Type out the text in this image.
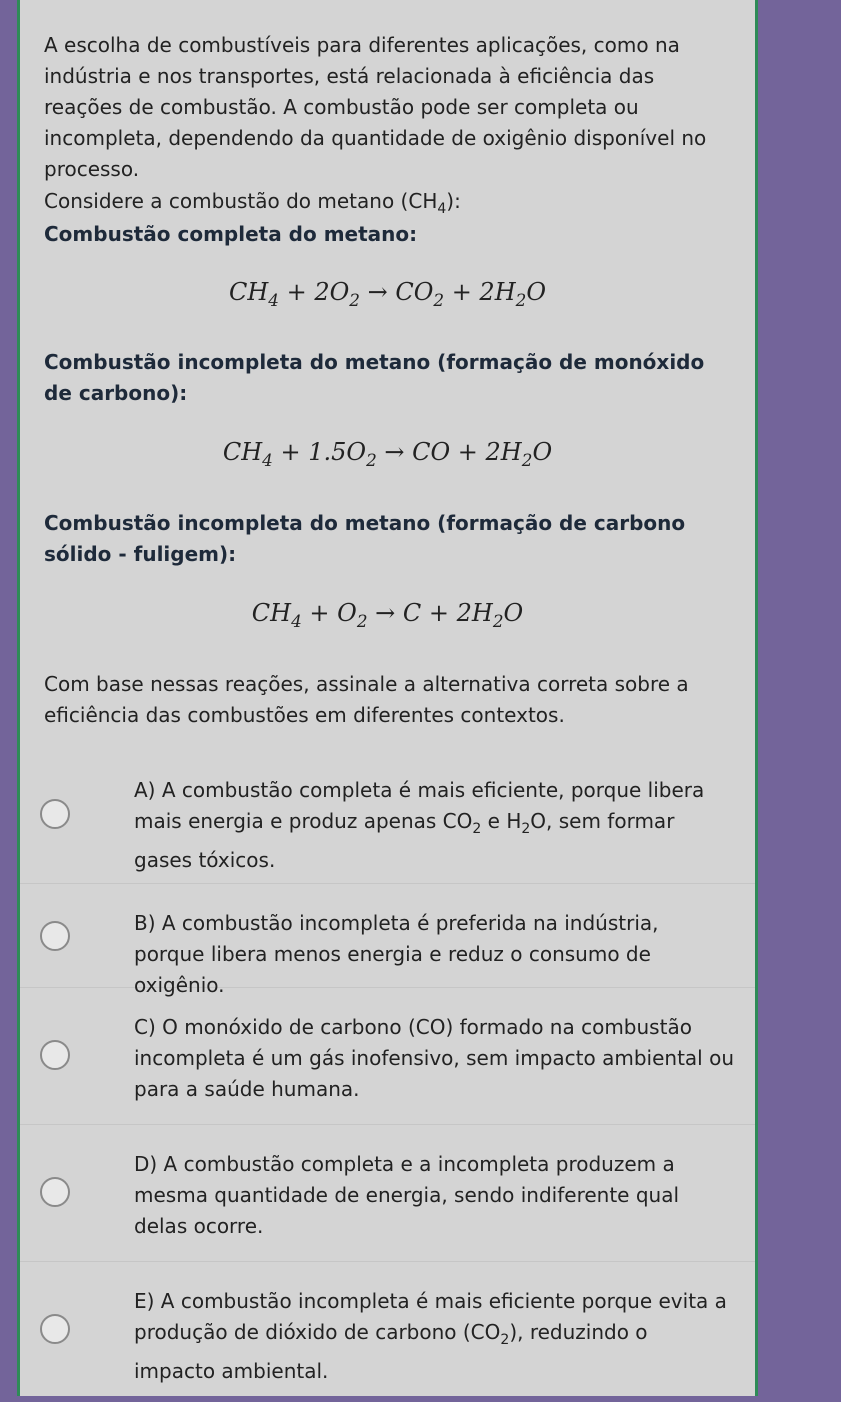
A escolha de combustíveis para diferentes aplicações, como na indústria e nos transportes, está relacionada à eficiência das reações de combustão. A combustão pode ser completa ou incompleta, dependendo da quantidade de oxigênio disponível no processo.
Considere a combustão do metano $(CH_4)$:
Combustão completa do metano:
$CH_4 + 2O_2 \to CO_2 + 2H_2O$
Combustão incompleta do metano (formação de monóxido de carbono):
$CH_4 + 1.5O_2$ → CO + $2H_2O$
Combustão incompleta do metano (formação de carbono sólido - fuligem):
$CH_4 + O_2 \to C + 2H_2O$
Com base nessas reações, assinale a alternativa correta sobre a eficiência das combustões em diferentes contextos.
A) A combustão completa é mais eficiente, porque libera mais energia e produz apenas $CO_2$ e $H_2O$, sem formar gases tóxicos.
B) A combustão incompleta é preferida na indústria, porque libera menos energia e reduz o consumo de oxigênio.
C) O monóxido de carbono (CO) formado na combustão incompleta é um gás inofensivo, sem impacto ambiental ou para a saúde humana.
D) A combustão completa e a incompleta produzem a mesma quantidade de energia, sendo indiferente qual delas ocorre.
E) A combustão incompleta é mais eficiente porque evita a produção de dióxido de carbono $(CO_2)$, reduzindo o impacto ambiental.
